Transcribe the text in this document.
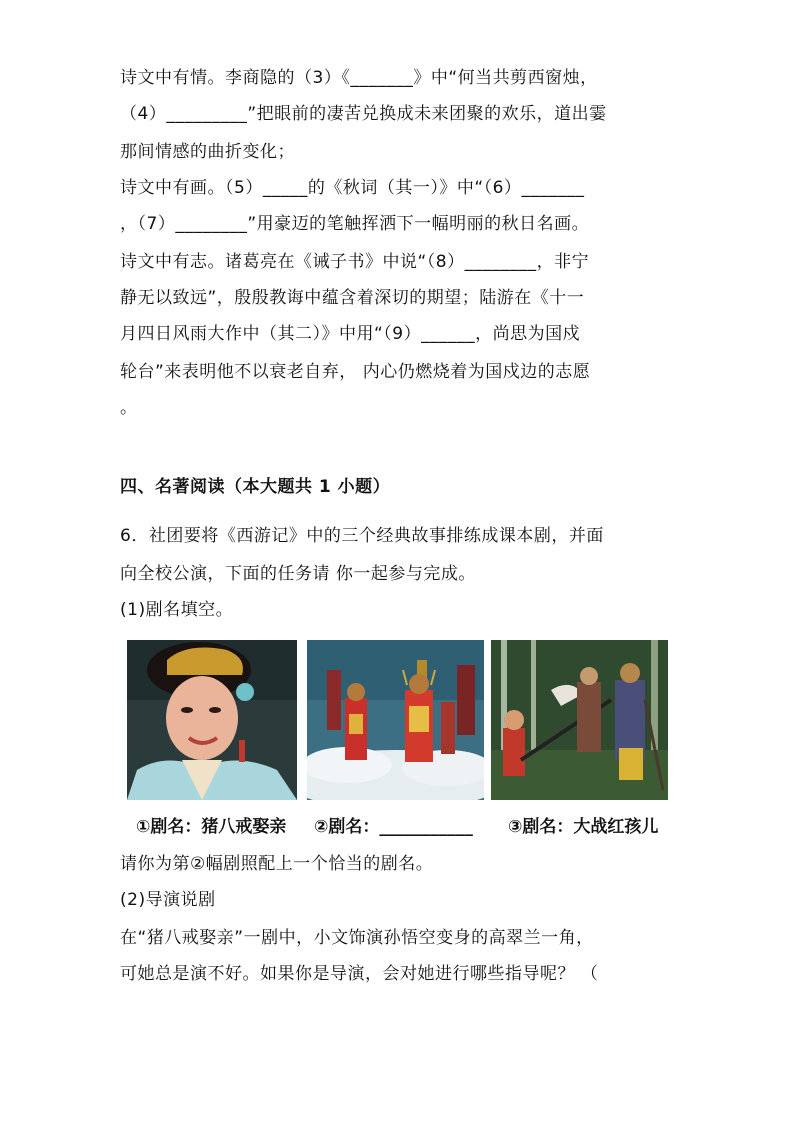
诗文中有情。李商隐的（3）《_______》中“何当共剪西窗烛，
（4）_________”把眼前的凄苦兑换成未来团聚的欢乐，道出霎
那间情感的曲折变化；
诗文中有画。（5）_____的《秋词（其一）》中“（6）_______
，（7）________”用豪迈的笔触挥洒下一幅明丽的秋日名画。
诗文中有志。诸葛亮在《诫子书》中说“（8）________，非宁
静无以致远”，殷殷教诲中蕴含着深切的期望；陆游在《十一
月四日风雨大作中（其二）》中用“（9）______，尚思为国戍
轮台”来表明他不以衰老自弃， 内心仍燃烧着为国戍边的志愿
。
四、名著阅读（本大题共 1 小题）
6．社团要将《西游记》中的三个经典故事排练成课本剧，并面
向全校公演，下面的任务请 你一起参与完成。
(1)剧名填空。
①剧名：猪八戒娶亲 ②剧名：___________ ③剧名：大战红孩儿
请你为第②幅剧照配上一个恰当的剧名。
(2)导演说剧
在“猪八戒娶亲”一剧中，小文饰演孙悟空变身的高翠兰一角，
可她总是演不好。如果你是导演，会对她进行哪些指导呢？ （
